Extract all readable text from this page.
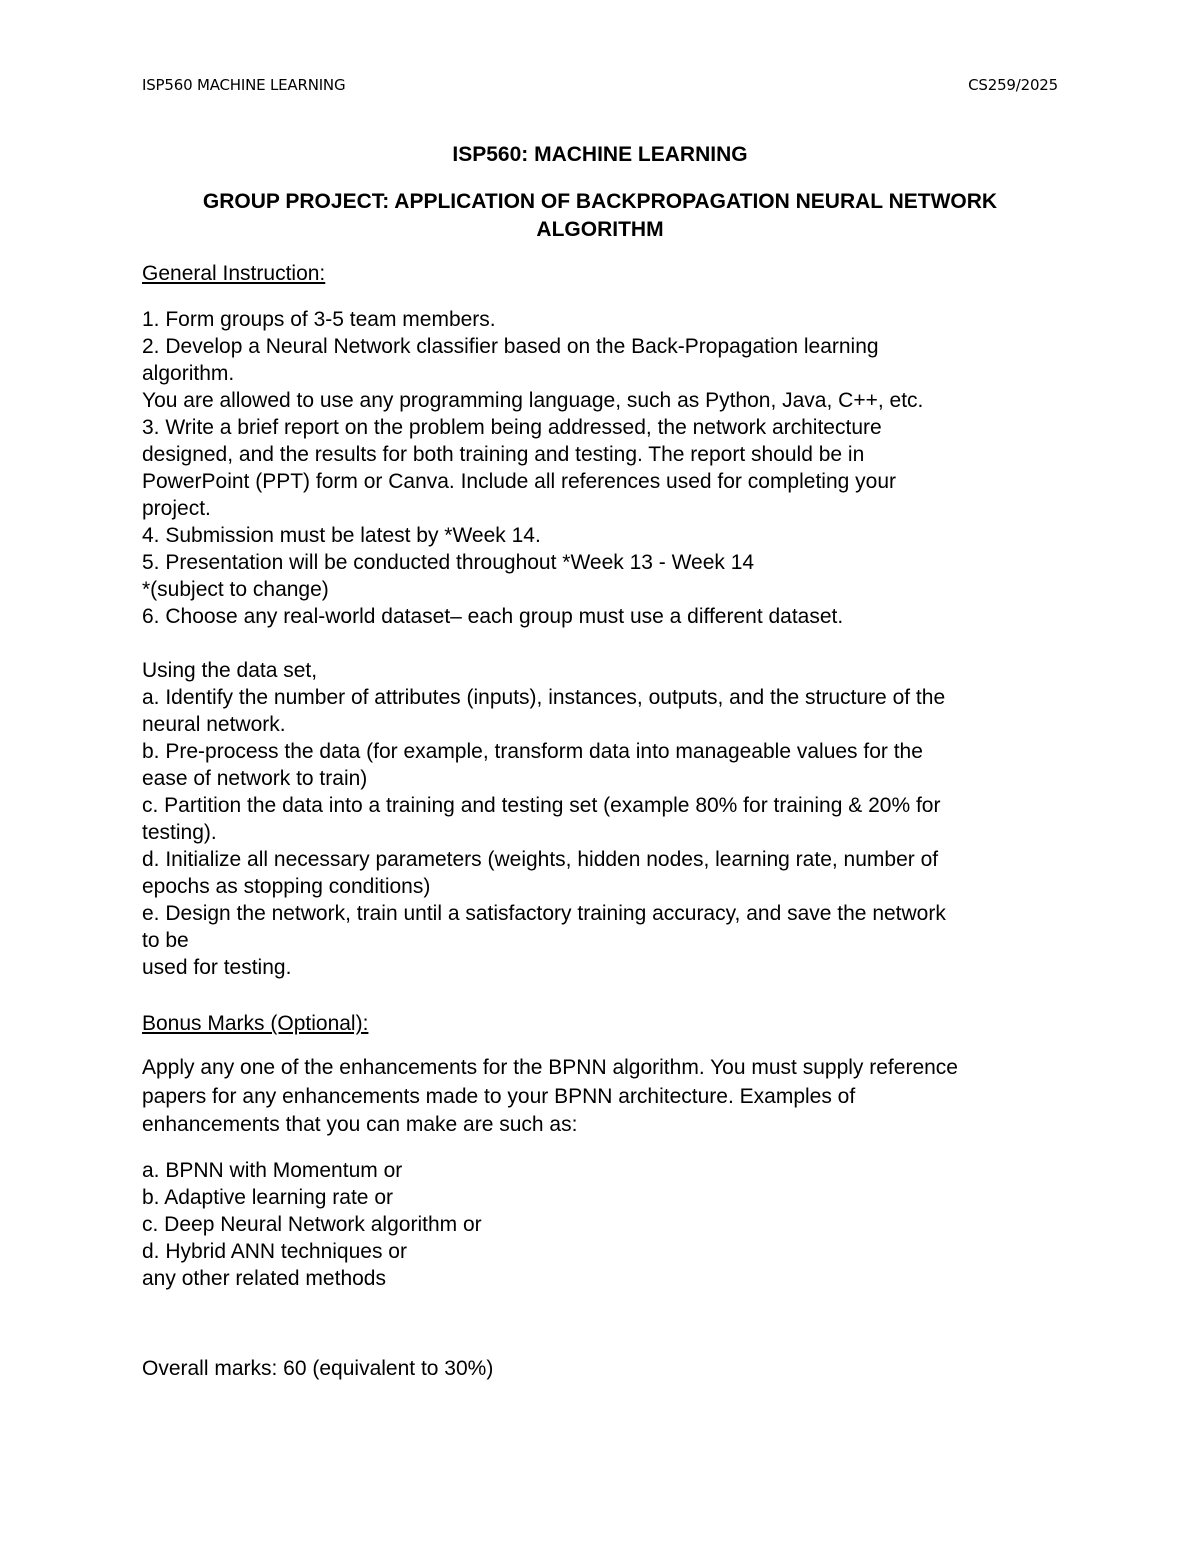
ISP560 MACHINE LEARNING	CS259/2025
ISP560: MACHINE LEARNING
GROUP PROJECT: APPLICATION OF BACKPROPAGATION NEURAL NETWORK
ALGORITHM
General Instruction:

1. Form groups of 3-5 team members.

2. Develop a Neural Network classifier based on the Back-Propagation learning

algorithm.

You are allowed to use any programming language, such as Python, Java, C++, etc.

3. Write a brief report on the problem being addressed, the network architecture

designed, and the results for both training and testing. The report should be in

PowerPoint (PPT) form or Canva. Include all references used for completing your

project.

4. Submission must be latest by *Week 14.

5. Presentation will be conducted throughout *Week 13 - Week 14

*(subject to change)

6. Choose any real-world dataset– each group must use a different dataset.

Using the data set,

a. Identify the number of attributes (inputs), instances, outputs, and the structure of the

neural network.

b. Pre-process the data (for example, transform data into manageable values for the

ease of network to train)

c. Partition the data into a training and testing set (example 80% for training & 20% for

testing).

d. Initialize all necessary parameters (weights, hidden nodes, learning rate, number of

epochs as stopping conditions)

e. Design the network, train until a satisfactory training accuracy, and save the network

to be

used for testing.

Bonus Marks (Optional):

Apply any one of the enhancements for the BPNN algorithm. You must supply reference

papers for any enhancements made to your BPNN architecture. Examples of

enhancements that you can make are such as:

a. BPNN with Momentum or

b. Adaptive learning rate or

c. Deep Neural Network algorithm or

d. Hybrid ANN techniques or

any other related methods

Overall marks: 60 (equivalent to 30%)
